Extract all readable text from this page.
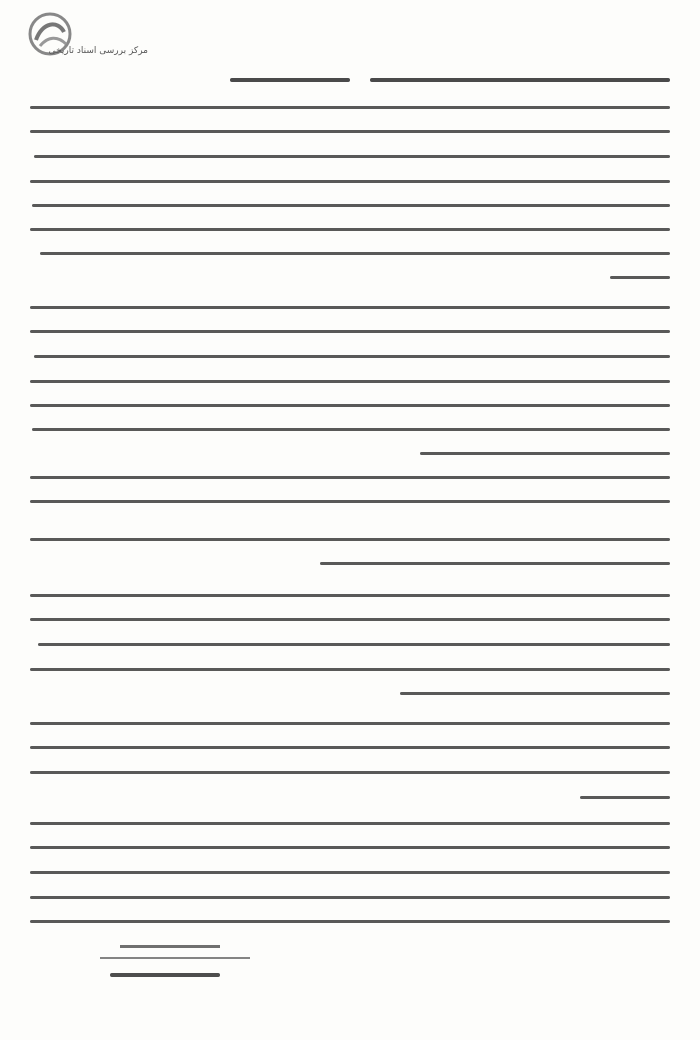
مرکز بررسی اسناد تاریخی
